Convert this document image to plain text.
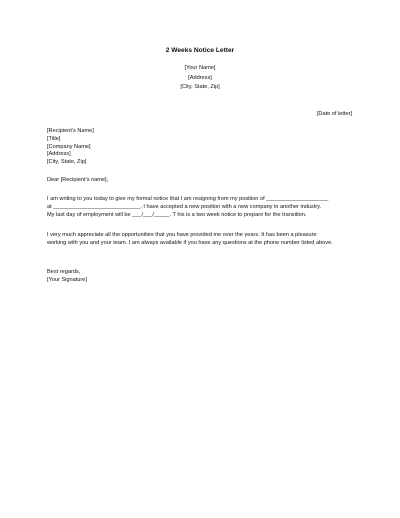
2 Weeks Notice Letter
[Your Name]
[Address]
[City, State, Zip]
[Date of letter]
[Recipient’s Name]
[Title]
[Company Name]
[Address]
[City, State, Zip]
Dear [Recipient’s name],
I am writing to you today to give my formal notice that I am resigning from my position of ____________________
at ____________________________. I have accepted a new position with a new company in another industry.
My last day of employment will be ___/___/_____. T his is a two week notice to prepare for the transition.
I very much appreciate all the opportunities that you have provided me over the years. It has been a pleasure
working with you and your team. I am always available if you have any questions at the phone number listed above.
Best regards,
[Your Signature]
